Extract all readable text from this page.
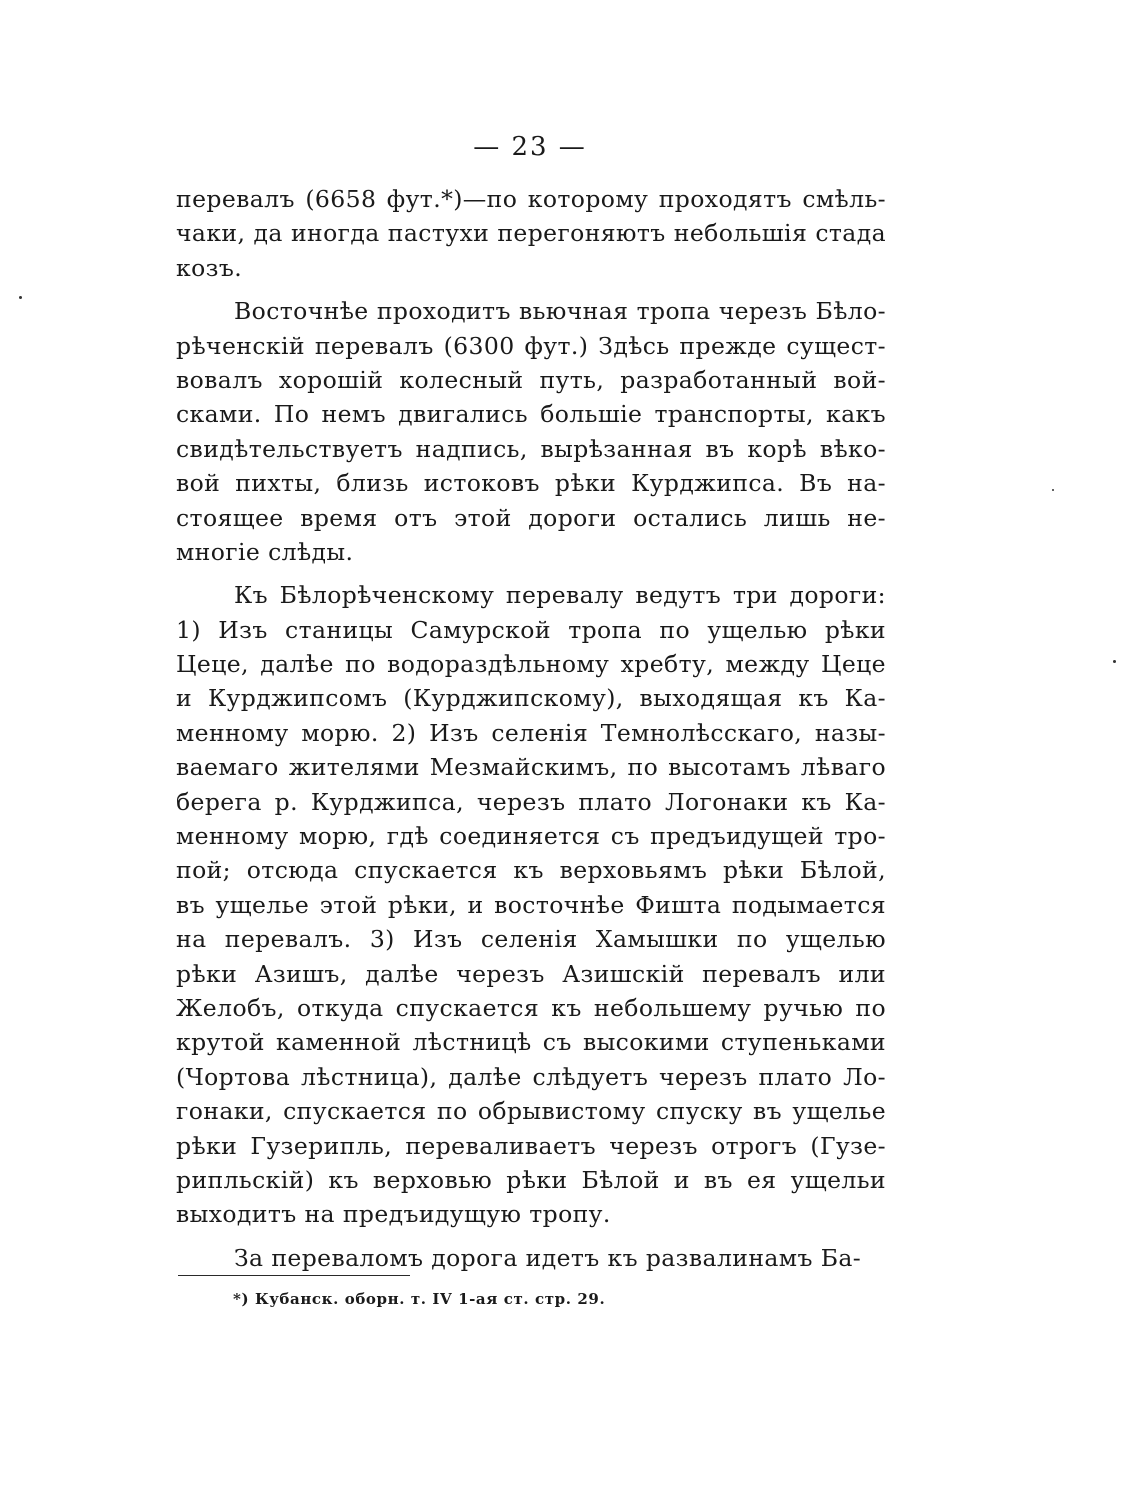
— 23 —
перевалъ (6658 фут.*)—по которому проходятъ смѣль-
чаки, да иногда пастухи перегоняютъ небольшія стада
козъ.
Восточнѣе проходитъ вьючная тропа черезъ Бѣло-
рѣченскій перевалъ (6300 фут.) Здѣсь прежде сущест-
вовалъ хорошій колесный путь, разработанный вой-
сками. По немъ двигались большіе транспорты, какъ
свидѣтельствуетъ надпись, вырѣзанная въ корѣ вѣко-
вой пихты, близь истоковъ рѣки Курджипса. Въ на-
стоящее время отъ этой дороги остались лишь не-
многіе слѣды.
Къ Бѣлорѣченскому перевалу ведутъ три дороги:
1) Изъ станицы Самурской тропа по ущелью рѣки
Цеце, далѣе по водораздѣльному хребту, между Цеце
и Курджипсомъ (Курджипскому), выходящая къ Ка-
менному морю. 2) Изъ селенія Темнолѣсскаго, назы-
ваемаго жителями Мезмайскимъ, по высотамъ лѣваго
берега р. Курджипса, черезъ плато Логонаки къ Ка-
менному морю, гдѣ соединяется съ предъидущей тро-
пой; отсюда спускается къ верховьямъ рѣки Бѣлой,
въ ущелье этой рѣки, и восточнѣе Фишта подымается
на перевалъ. 3) Изъ селенія Хамышки по ущелью
рѣки Азишъ, далѣе черезъ Азишскій перевалъ или
Желобъ, откуда спускается къ небольшему ручью по
крутой каменной лѣстницѣ съ высокими ступеньками
(Чортова лѣстница), далѣе слѣдуетъ черезъ плато Ло-
гонаки, спускается по обрывистому спуску въ ущелье
рѣки Гузерипль, переваливаетъ черезъ отрогъ (Гузе-
рипльскій) къ верховью рѣки Бѣлой и въ ея ущельи
выходитъ на предъидущую тропу.
За переваломъ дорога идетъ къ развалинамъ Ба-
*) Кубанск. оборн. т. IV 1-ая ст. стр. 29.
